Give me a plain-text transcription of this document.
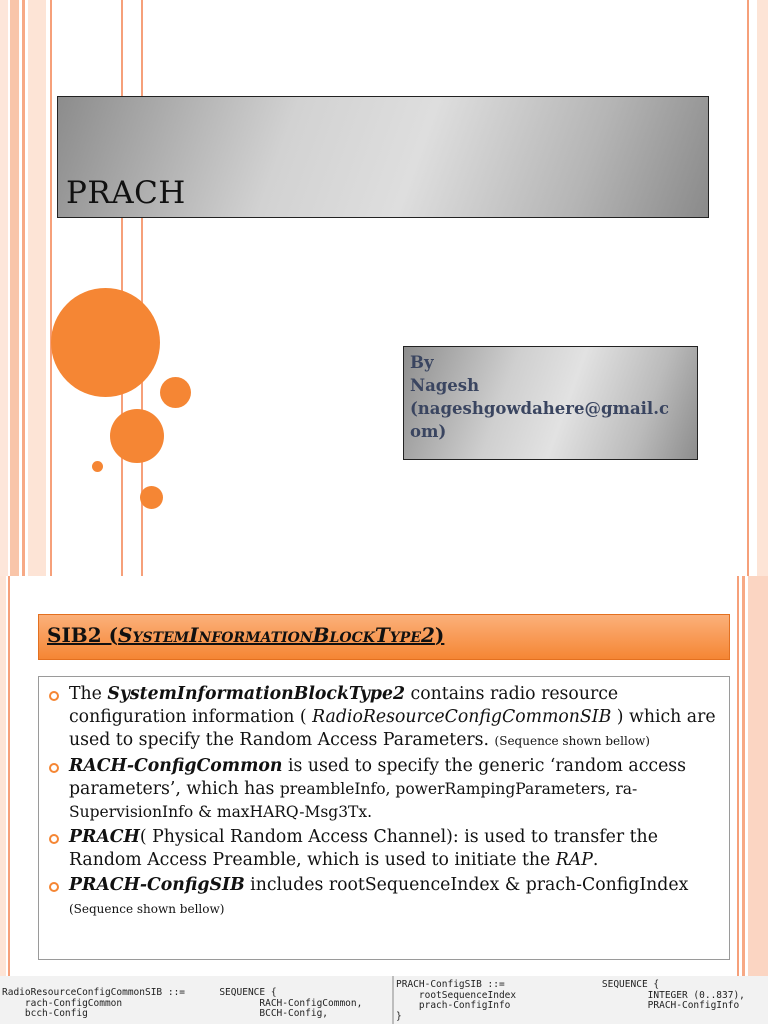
PRACH
By
Nagesh
(nageshgowdahere@gmail.c
om)
SIB2 (SystemInformationBlockType2)
The SystemInformationBlockType2 contains radio resource configuration information ( RadioResourceConfigCommonSIB ) which are used to specify the Random Access Parameters. (Sequence shown bellow)
RACH-ConfigCommon is used to specify the generic ‘random access parameters’, which has preambleInfo, powerRampingParameters, ra-SupervisionInfo & maxHARQ-Msg3Tx.
PRACH( Physical Random Access Channel): is used to transfer the Random Access Preamble, which is used to initiate the RAP.
PRACH-ConfigSIB includes rootSequenceIndex & prach-ConfigIndex (Sequence shown bellow)
RadioResourceConfigCommonSIB ::=      SEQUENCE {
rach-ConfigCommon                        RACH-ConfigCommon,
bcch-Config                              BCCH-Config,
PRACH-ConfigSIB ::=                 SEQUENCE {
rootSequenceIndex                       INTEGER (0..837),
prach-ConfigInfo                        PRACH-ConfigInfo
}
